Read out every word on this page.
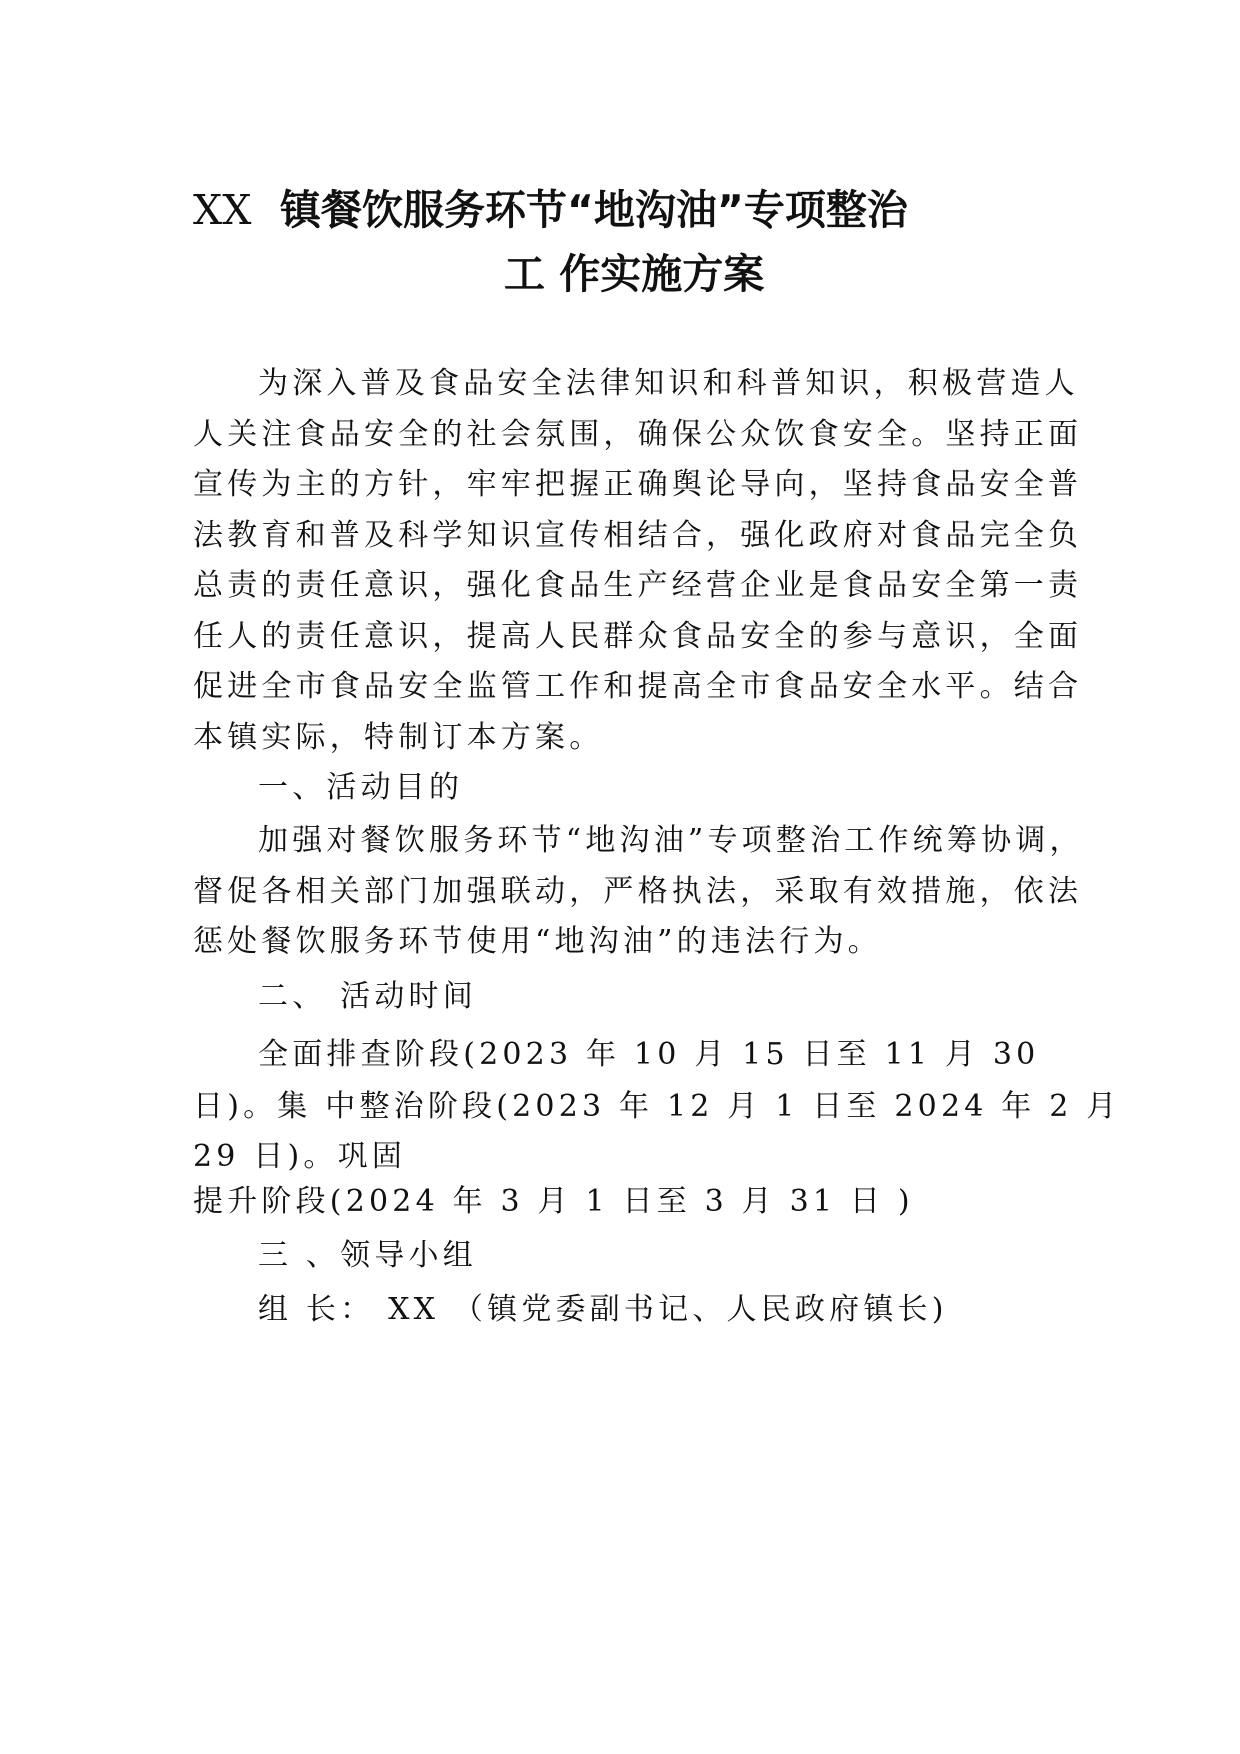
XX 镇餐饮服务环节“地沟油”专项整治
工 作实施方案
为深入普及食品安全法律知识和科普知识，积极营造人
人关注食品安全的社会氛围，确保公众饮食安全。坚持正面
宣传为主的方针，牢牢把握正确舆论导向，坚持食品安全普
法教育和普及科学知识宣传相结合，强化政府对食品完全负
总责的责任意识，强化食品生产经营企业是食品安全第一责
任人的责任意识，提高人民群众食品安全的参与意识，全面
促进全市食品安全监管工作和提高全市食品安全水平。结合
本镇实际，特制订本方案。
一、活动目的
加强对餐饮服务环节“地沟油”专项整治工作统筹协调，
督促各相关部门加强联动，严格执法，采取有效措施，依法
惩处餐饮服务环节使用“地沟油”的违法行为。
二、 活动时间
全面排查阶段(2023 年 10 月 15 日至 11 月 30
日)。集 中整治阶段(2023 年 12 月 1 日至 2024 年 2 月
29 日)。巩固
提升阶段(2024 年 3 月 1 日至 3 月 31 日 )
三 、领导小组
组 长： XX （镇党委副书记、人民政府镇长)
